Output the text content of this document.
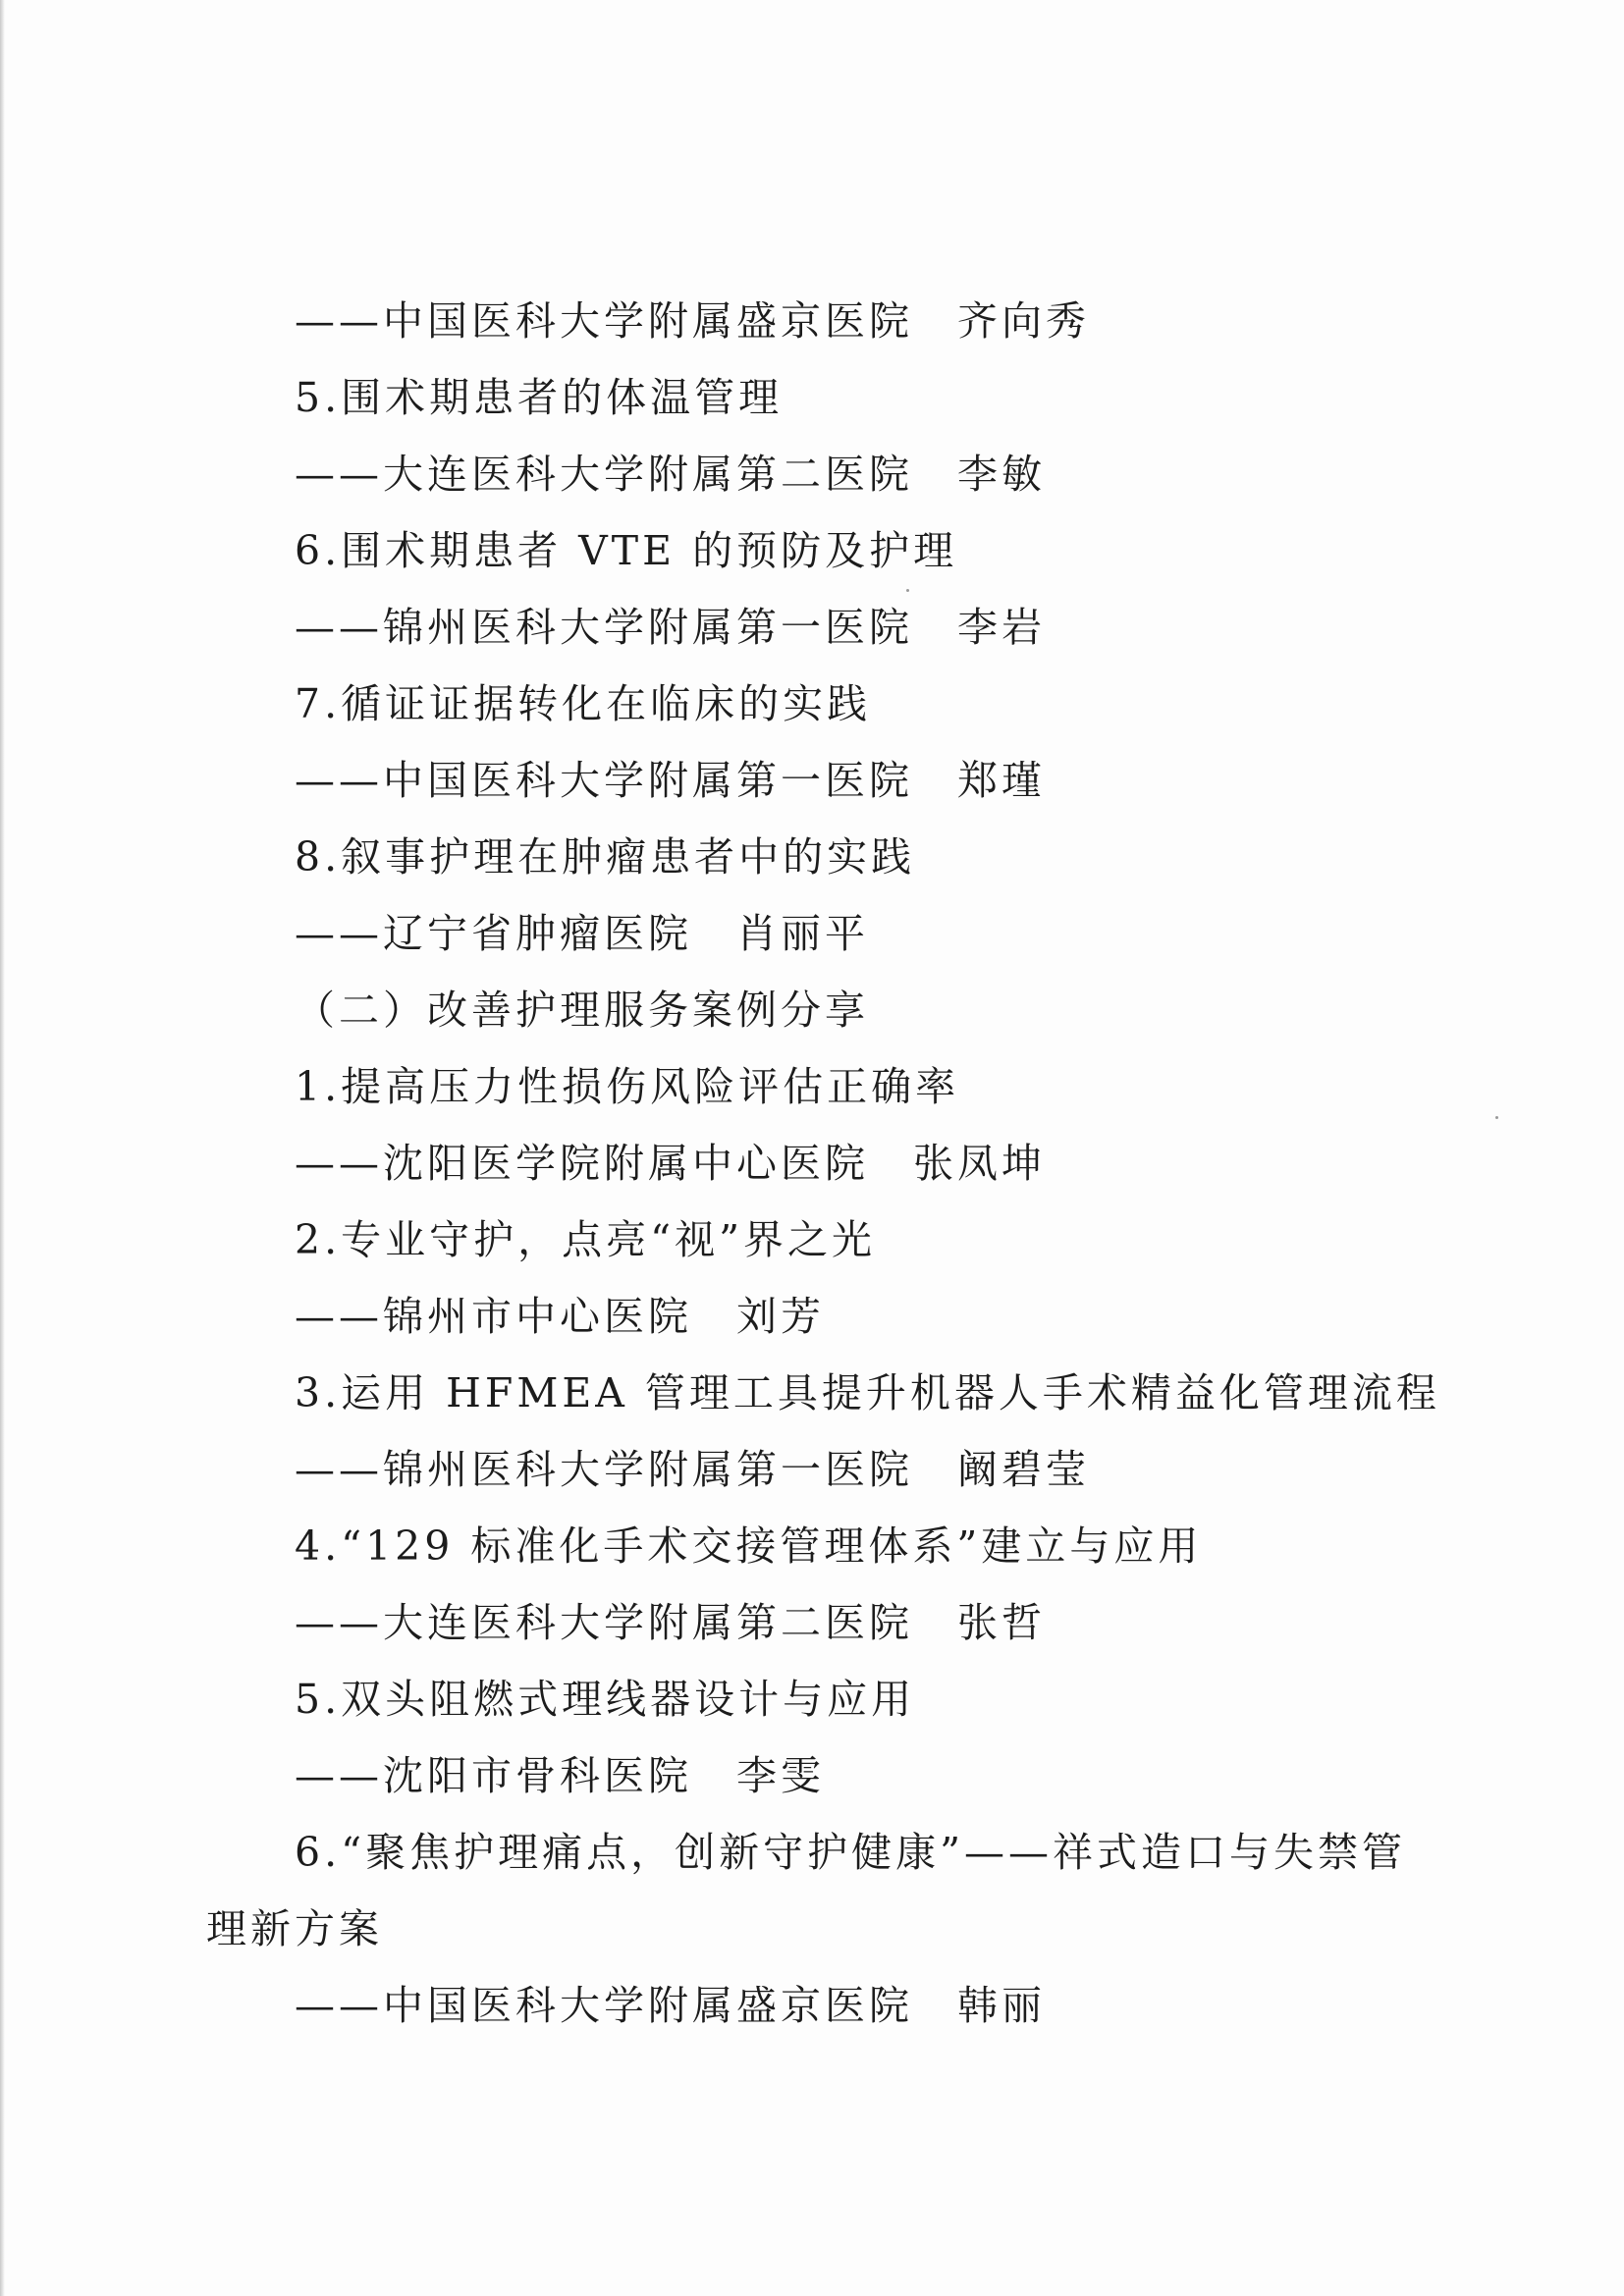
——中国医科大学附属盛京医院　齐向秀
5.围术期患者的体温管理
——大连医科大学附属第二医院　李敏
6.围术期患者 VTE 的预防及护理
——锦州医科大学附属第一医院　李岩
7.循证证据转化在临床的实践
——中国医科大学附属第一医院　郑瑾
8.叙事护理在肿瘤患者中的实践
——辽宁省肿瘤医院　肖丽平
（二）改善护理服务案例分享
1.提高压力性损伤风险评估正确率
——沈阳医学院附属中心医院　张凤坤
2.专业守护，点亮“视”界之光
——锦州市中心医院　刘芳
3.运用 HFMEA 管理工具提升机器人手术精益化管理流程
——锦州医科大学附属第一医院　阚碧莹
4.“129 标准化手术交接管理体系”建立与应用
——大连医科大学附属第二医院　张哲
5.双头阻燃式理线器设计与应用
——沈阳市骨科医院　李雯
6.“聚焦护理痛点，创新守护健康”——祥式造口与失禁管
理新方案
——中国医科大学附属盛京医院　韩丽
